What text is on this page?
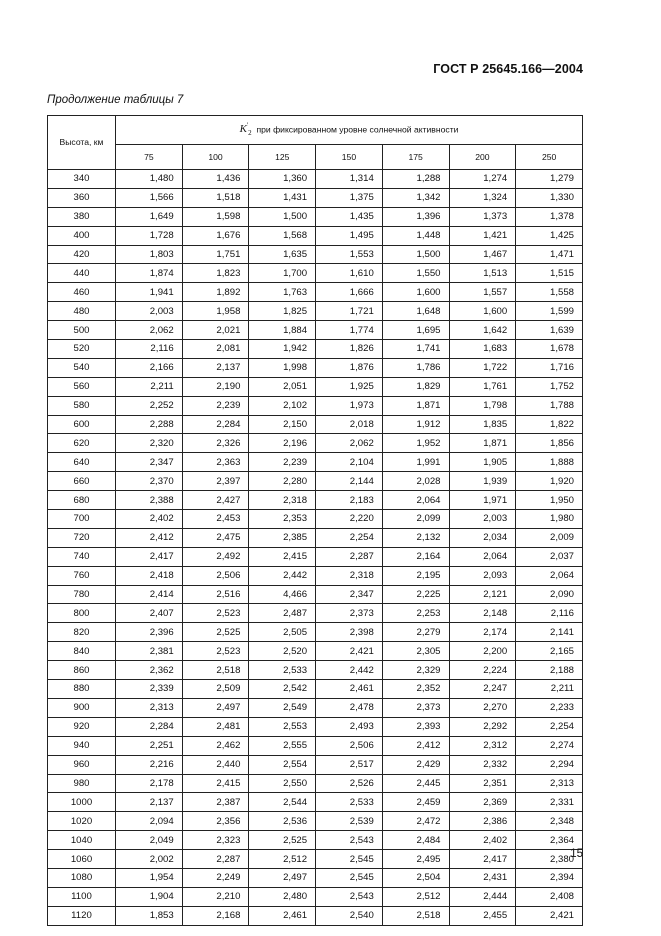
ГОСТ Р 25645.166—2004
Продолжение таблицы 7
Высота, км	$K'_2$ при фиксированном уровне солнечной активности						
	75	100	125	150	175	200	250
340	1,480	1,436	1,360	1,314	1,288	1,274	1,279
360	1,566	1,518	1,431	1,375	1,342	1,324	1,330
380	1,649	1,598	1,500	1,435	1,396	1,373	1,378
400	1,728	1,676	1,568	1,495	1,448	1,421	1,425
420	1,803	1,751	1,635	1,553	1,500	1,467	1,471
440	1,874	1,823	1,700	1,610	1,550	1,513	1,515
460	1,941	1,892	1,763	1,666	1,600	1,557	1,558
480	2,003	1,958	1,825	1,721	1,648	1,600	1,599
500	2,062	2,021	1,884	1,774	1,695	1,642	1,639
520	2,116	2,081	1,942	1,826	1,741	1,683	1,678
540	2,166	2,137	1,998	1,876	1,786	1,722	1,716
560	2,211	2,190	2,051	1,925	1,829	1,761	1,752
580	2,252	2,239	2,102	1,973	1,871	1,798	1,788
600	2,288	2,284	2,150	2,018	1,912	1,835	1,822
620	2,320	2,326	2,196	2,062	1,952	1,871	1,856
640	2,347	2,363	2,239	2,104	1,991	1,905	1,888
660	2,370	2,397	2,280	2,144	2,028	1,939	1,920
680	2,388	2,427	2,318	2,183	2,064	1,971	1,950
700	2,402	2,453	2,353	2,220	2,099	2,003	1,980
720	2,412	2,475	2,385	2,254	2,132	2,034	2,009
740	2,417	2,492	2,415	2,287	2,164	2,064	2,037
760	2,418	2,506	2,442	2,318	2,195	2,093	2,064
780	2,414	2,516	4,466	2,347	2,225	2,121	2,090
800	2,407	2,523	2,487	2,373	2,253	2,148	2,116
820	2,396	2,525	2,505	2,398	2,279	2,174	2,141
840	2,381	2,523	2,520	2,421	2,305	2,200	2,165
860	2,362	2,518	2,533	2,442	2,329	2,224	2,188
880	2,339	2,509	2,542	2,461	2,352	2,247	2,211
900	2,313	2,497	2,549	2,478	2,373	2,270	2,233
920	2,284	2,481	2,553	2,493	2,393	2,292	2,254
940	2,251	2,462	2,555	2,506	2,412	2,312	2,274
960	2,216	2,440	2,554	2,517	2,429	2,332	2,294
980	2,178	2,415	2,550	2,526	2,445	2,351	2,313
1000	2,137	2,387	2,544	2,533	2,459	2,369	2,331
1020	2,094	2,356	2,536	2,539	2,472	2,386	2,348
1040	2,049	2,323	2,525	2,543	2,484	2,402	2,364
1060	2,002	2,287	2,512	2,545	2,495	2,417	2,380
1080	1,954	2,249	2,497	2,545	2,504	2,431	2,394
1100	1,904	2,210	2,480	2,543	2,512	2,444	2,408
1120	1,853	2,168	2,461	2,540	2,518	2,455	2,421
15
